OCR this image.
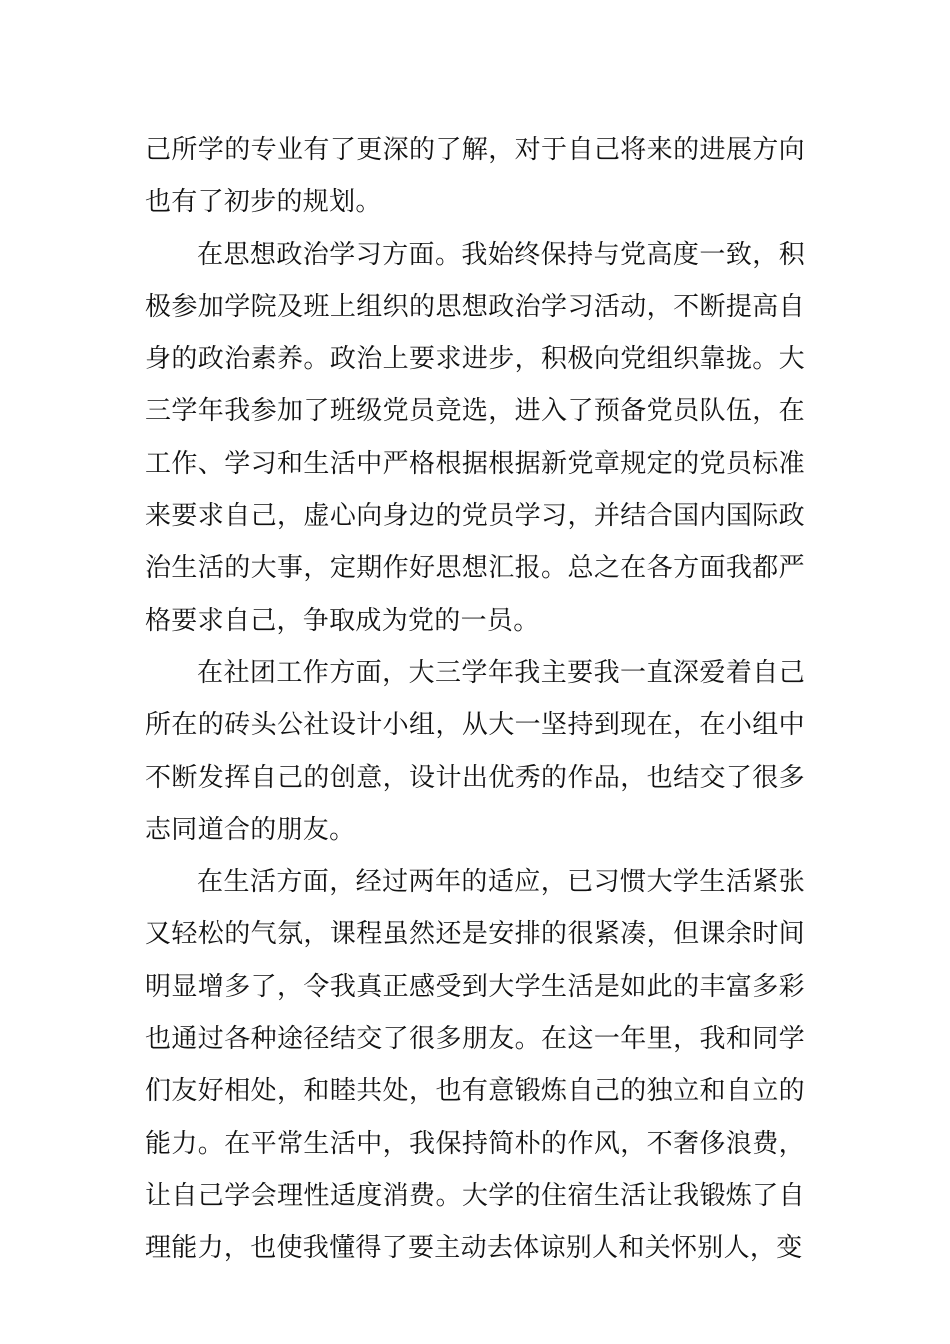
己所学的专业有了更深的了解，对于自己将来的进展方向也有了初步的规划。

在思想政治学习方面。我始终保持与党高度一致，积极参加学院及班上组织的思想政治学习活动，不断提高自身的政治素养。政治上要求进步，积极向党组织靠拢。大三学年我参加了班级党员竞选，进入了预备党员队伍，在工作、学习和生活中严格根据根据新党章规定的党员标准来要求自己，虚心向身边的党员学习，并结合国内国际政治生活的大事，定期作好思想汇报。总之在各方面我都严格要求自己，争取成为党的一员。

在社团工作方面，大三学年我主要我一直深爱着自己所在的砖头公社设计小组，从大一坚持到现在，在小组中不断发挥自己的创意，设计出优秀的作品，也结交了很多志同道合的朋友。

在生活方面，经过两年的适应，已习惯大学生活紧张又轻松的气氛，课程虽然还是安排的很紧凑，但课余时间明显增多了，令我真正感受到大学生活是如此的丰富多彩也通过各种途径结交了很多朋友。在这一年里，我和同学们友好相处，和睦共处，也有意锻炼自己的独立和自立的能力。在平常生活中，我保持简朴的作风，不奢侈浪费，让自己学会理性适度消费。大学的住宿生活让我锻炼了自理能力，也使我懂得了要主动去体谅别人和关怀别人，变
